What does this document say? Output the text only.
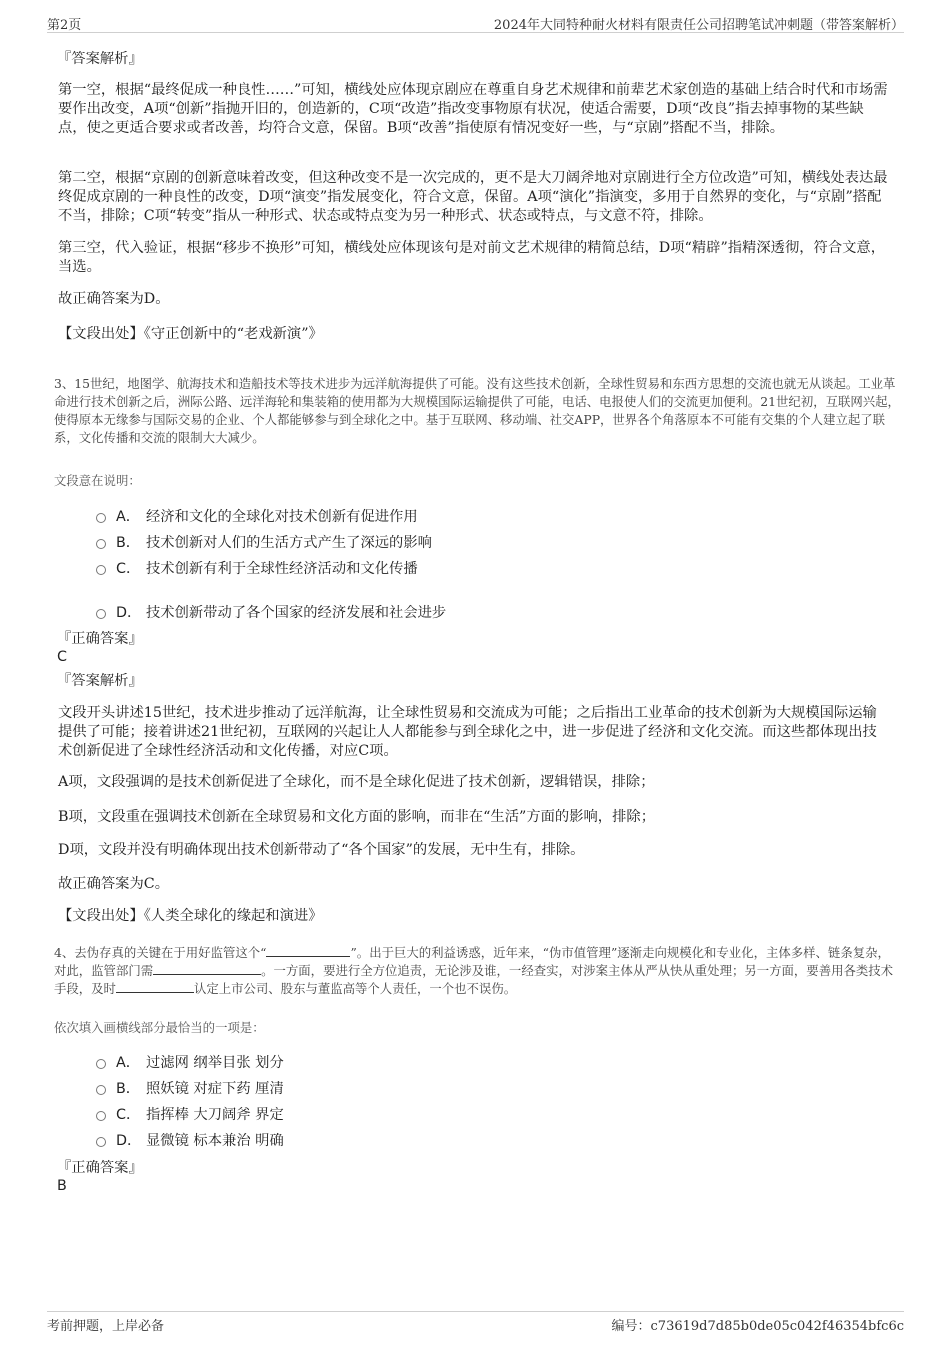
第2页	2024年大同特种耐火材料有限责任公司招聘笔试冲刺题（带答案解析）
『答案解析』

第一空，根据“最终促成一种良性……”可知，横线处应体现京剧应在尊重自身艺术规律和前辈艺术家创造的基础上结合时代和市场需要作出改变，A项“创新”指抛开旧的，创造新的，C项“改造”指改变事物原有状况，使适合需要，D项“改良”指去掉事物的某些缺点，使之更适合要求或者改善，均符合文意，保留。B项“改善”指使原有情况变好一些，与“京剧”搭配不当，排除。

第二空，根据“京剧的创新意味着改变，但这种改变不是一次完成的，更不是大刀阔斧地对京剧进行全方位改造”可知，横线处表达最终促成京剧的一种良性的改变，D项“演变”指发展变化，符合文意，保留。A项“演化”指演变，多用于自然界的变化，与“京剧”搭配不当，排除；C项“转变”指从一种形式、状态或特点变为另一种形式、状态或特点，与文意不符，排除。

第三空，代入验证，根据“移步不换形”可知，横线处应体现该句是对前文艺术规律的精简总结，D项“精辟”指精深透彻，符合文意，当选。

故正确答案为D。

【文段出处】《守正创新中的“老戏新演”》

3、15世纪，地图学、航海技术和造船技术等技术进步为远洋航海提供了可能。没有这些技术创新，全球性贸易和东西方思想的交流也就无从谈起。工业革命进行技术创新之后，洲际公路、远洋海轮和集装箱的使用都为大规模国际运输提供了可能，电话、电报使人们的交流更加便利。21世纪初，互联网兴起，使得原本无缘参与国际交易的企业、个人都能够参与到全球化之中。基于互联网、移动端、社交APP，世界各个角落原本不可能有交集的个人建立起了联系，文化传播和交流的限制大大减少。

文段意在说明：
A． 经济和文化的全球化对技术创新有促进作用
B． 技术创新对人们的生活方式产生了深远的影响
C． 技术创新有利于全球性经济活动和文化传播
D． 技术创新带动了各个国家的经济发展和社会进步
『正确答案』
C
『答案解析』

文段开头讲述15世纪，技术进步推动了远洋航海，让全球性贸易和交流成为可能；之后指出工业革命的技术创新为大规模国际运输提供了可能；接着讲述21世纪初，互联网的兴起让人人都能参与到全球化之中，进一步促进了经济和文化交流。而这些都体现出技术创新促进了全球性经济活动和文化传播，对应C项。

A项，文段强调的是技术创新促进了全球化，而不是全球化促进了技术创新，逻辑错误，排除；

B项，文段重在强调技术创新在全球贸易和文化方面的影响，而非在“生活”方面的影响，排除；

D项，文段并没有明确体现出技术创新带动了“各个国家”的发展，无中生有，排除。

故正确答案为C。

【文段出处】《人类全球化的缘起和演进》

4、去伪存真的关键在于用好监管这个“	”。出于巨大的利益诱惑，近年来，“伪市值管理”逐渐走向规模化和专业化，主体多样、链条复杂，对此，监管部门需	。一方面，要进行全方位追责，无论涉及谁，一经查实，对涉案主体从严从快从重处理；另一方面，要善用各类技术手段，及时	认定上市公司、股东与董监高等个人责任，一个也不误伤。

依次填入画横线部分最恰当的一项是：
A． 过滤网 纲举目张 划分
B． 照妖镜 对症下药 厘清
C． 指挥棒 大刀阔斧 界定
D． 显微镜 标本兼治 明确
『正确答案』
B
考前押题，上岸必备	编号：c73619d7d85b0de05c042f46354bfc6c
